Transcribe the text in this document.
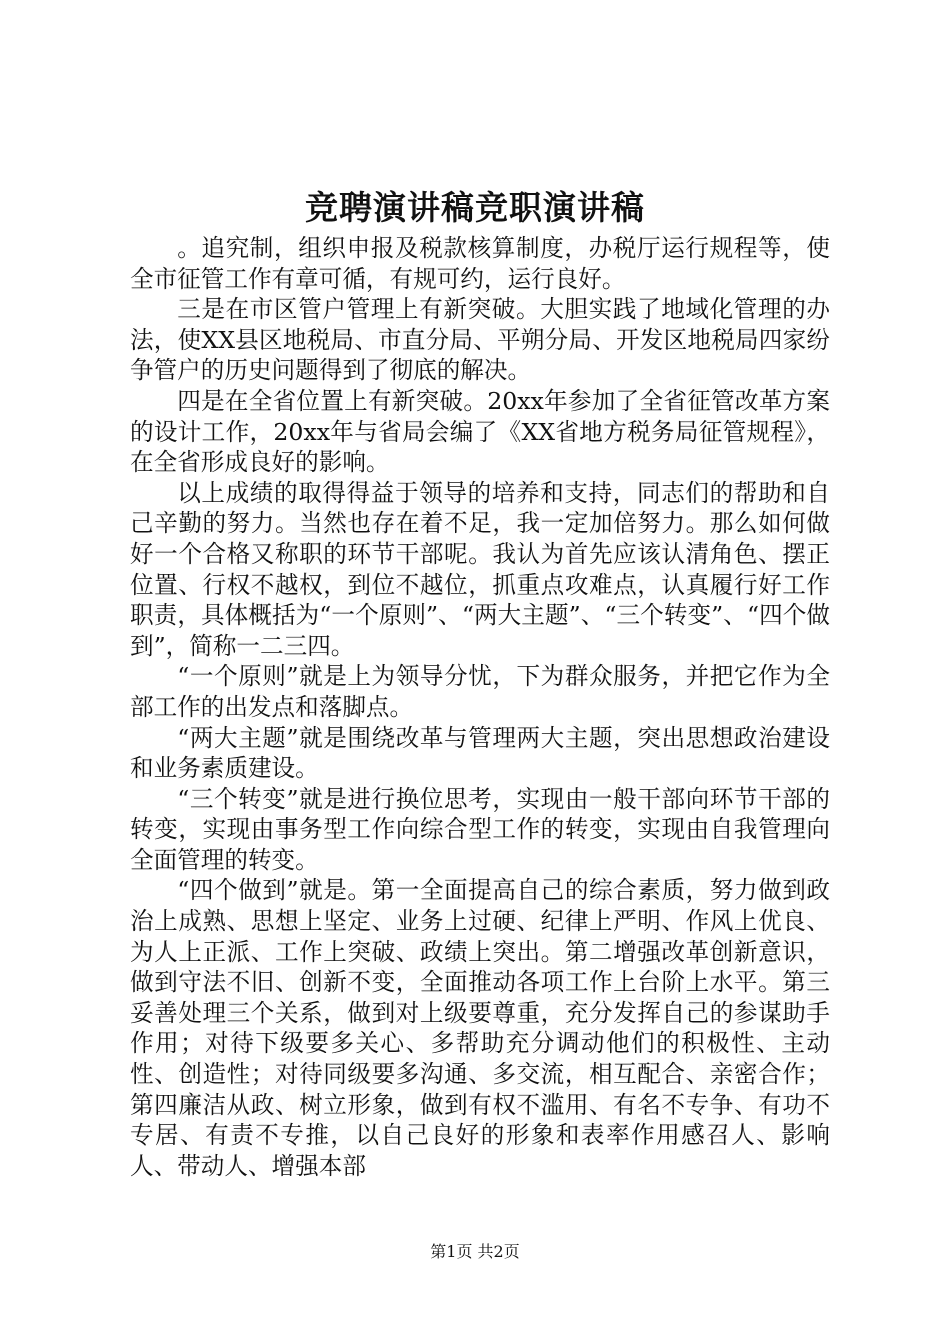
竞聘演讲稿竞职演讲稿

。追究制，组织申报及税款核算制度，办税厅运行规程等，使全市征管工作有章可循，有规可约，运行良好。

三是在市区管户管理上有新突破。大胆实践了地域化管理的办法，使XX县区地税局、市直分局、平朔分局、开发区地税局四家纷争管户的历史问题得到了彻底的解决。

四是在全省位置上有新突破。20xx年参加了全省征管改革方案的设计工作，20xx年与省局会编了《XX省地方税务局征管规程》，在全省形成良好的影响。

以上成绩的取得得益于领导的培养和支持，同志们的帮助和自己辛勤的努力。当然也存在着不足，我一定加倍努力。那么如何做好一个合格又称职的环节干部呢。我认为首先应该认清角色、摆正位置、行权不越权，到位不越位，抓重点攻难点，认真履行好工作职责，具体概括为“一个原则”、“两大主题”、“三个转变”、“四个做到”，简称一二三四。

“一个原则”就是上为领导分忧，下为群众服务，并把它作为全部工作的出发点和落脚点。

“两大主题”就是围绕改革与管理两大主题，突出思想政治建设和业务素质建设。

“三个转变”就是进行换位思考，实现由一般干部向环节干部的转变，实现由事务型工作向综合型工作的转变，实现由自我管理向全面管理的转变。

“四个做到”就是。第一全面提高自己的综合素质，努力做到政治上成熟、思想上坚定、业务上过硬、纪律上严明、作风上优良、为人上正派、工作上突破、政绩上突出。第二增强改革创新意识，做到守法不旧、创新不变，全面推动各项工作上台阶上水平。第三妥善处理三个关系，做到对上级要尊重，充分发挥自己的参谋助手作用；对待下级要多关心、多帮助充分调动他们的积极性、主动性、创造性；对待同级要多沟通、多交流，相互配合、亲密合作；第四廉洁从政、树立形象，做到有权不滥用、有名不专争、有功不专居、有责不专推，以自己良好的形象和表率作用感召人、影响人、带动人、增强本部

第1页 共2页
